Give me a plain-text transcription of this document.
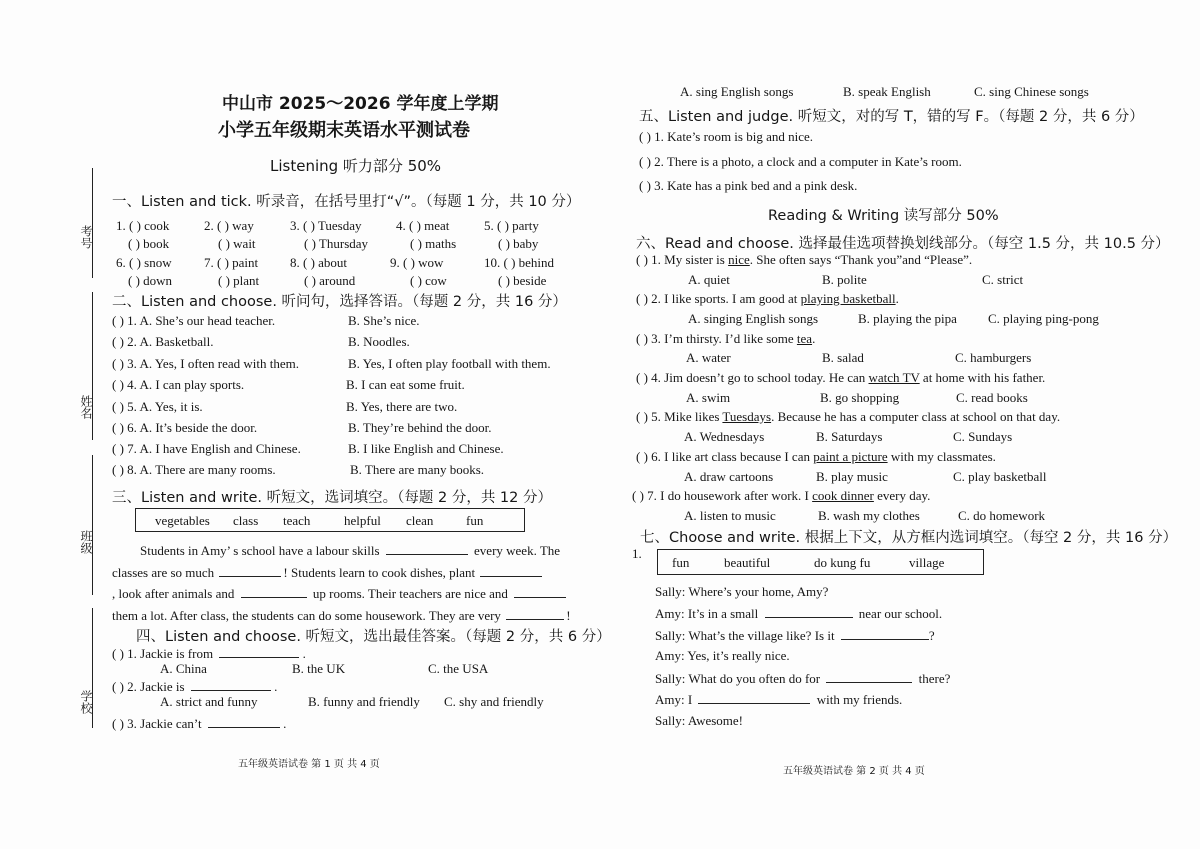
中山市 2025～2026 学年度上学期
小学五年级期末英语水平测试卷
Listening 听力部分 50%
考号
姓名
班级
学校
一、Listen and tick. 听录音，在括号里打“√”。（每题 1 分，共 10 分）
1. ( ) cook	2. ( ) way	3. ( ) Tuesday	4. ( ) meat	5. ( ) party
( ) book	( ) wait	( ) Thursday	( ) maths	( ) baby
6. ( ) snow 7. ( ) paint 8. ( ) about	9. ( ) wow	10. ( ) behind
( ) down	( ) plant	( ) around	( ) cow	( ) beside
二、Listen and choose. 听问句，选择答语。（每题 2 分，共 16 分）
( ) 1. A. She’s our head teacher.	B. She’s nice.
( ) 2. A. Basketball.	B. Noodles.
( ) 3. A. Yes, I often read with them.	B. Yes, I often play football with them.
( ) 4. A. I can play sports.	B. I can eat some fruit.
( ) 5. A. Yes, it is.	B. Yes, there are two.
( ) 6. A. It’s beside the door.	B. They’re behind the door.
( ) 7. A. I have English and Chinese.	B. I like English and Chinese.
( ) 8. A. There are many rooms.	B. There are many books.
三、Listen and write. 听短文，选词填空。（每题 2 分，共 12 分）
vegetables class teach	helpful clean	fun
Students in Amy’ s school have a labour skills	every week. The
classes are so much	! Students learn to cook dishes, plant
, look after animals and	up rooms. Their teachers are nice and
them a lot. After class, the students can do some housework. They are very	!
四、Listen and choose. 听短文，选出最佳答案。（每题 2 分，共 6 分）
( ) 1. Jackie is from	.
A. China	B. the UK	C. the USA
( ) 2. Jackie is	.
A. strict and funny	B. funny and friendly C. shy and friendly
( ) 3. Jackie can’t	.
五年级英语试卷 第 1 页 共 4 页
A. sing English songs	B. speak English	C. sing Chinese songs
五、Listen and judge. 听短文，对的写 T，错的写 F。（每题 2 分，共 6 分）
( ) 1. Kate’s room is big and nice.
( ) 2. There is a photo, a clock and a computer in Kate’s room.
( ) 3. Kate has a pink bed and a pink desk.
Reading & Writing 读写部分 50%
六、Read and choose. 选择最佳选项替换划线部分。（每空 1.5 分，共 10.5 分）
( ) 1. My sister is nice. She often says “Thank you”and “Please”.
A. quiet	B. polite	C. strict
( ) 2. I like sports. I am good at playing basketball.
A. singing English songs	B. playing the pipa C. playing ping-pong
( ) 3. I’m thirsty. I’d like some tea.
A. water	B. salad	C. hamburgers
( ) 4. Jim doesn’t go to school today. He can watch TV at home with his father.
A. swim	B. go shopping	C. read books
( ) 5. Mike likes Tuesdays. Because he has a computer class at school on that day.
A. Wednesdays	B. Saturdays	C. Sundays
( ) 6. I like art class because I can paint a picture with my classmates.
A. draw cartoons	B. play music	C. play basketball
( ) 7. I do housework after work. I cook dinner every day.
A. listen to music	B. wash my clothes	C. do homework
七、Choose and write. 根据上下文，从方框内选词填空。（每空 2 分，共 16 分）
1.
fun	beautiful	do kung fu	village
Sally: Where’s your home, Amy?
Amy: It’s in a small	near our school.
Sally: What’s the village like? Is it	?
Amy: Yes, it’s really nice.
Sally: What do you often do for	there?
Amy: I	with my friends.
Sally: Awesome!
五年级英语试卷 第 2 页 共 4 页
